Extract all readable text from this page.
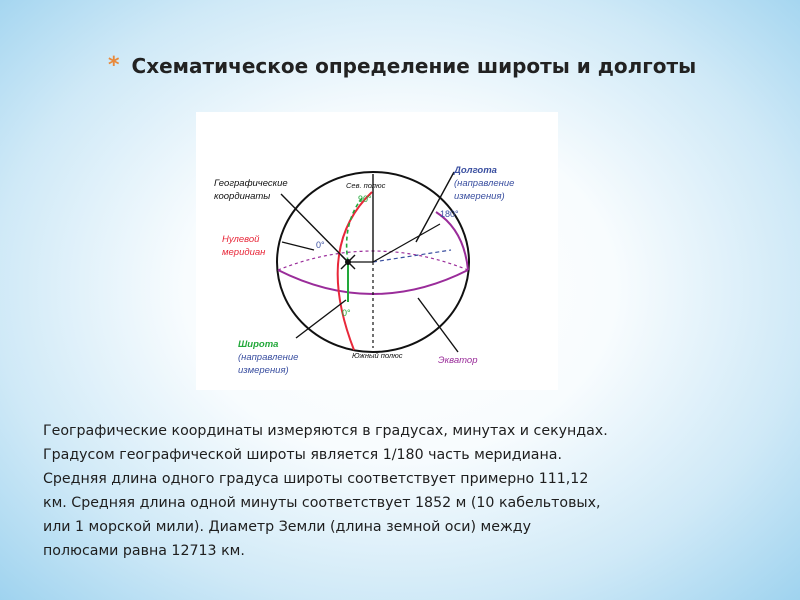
* Схематическое определение широты и долготы
Географические
координаты
Сев. полюс
Долгота
(направление
измерения)
Нулевой
меридиан
Широта
(направление
измерения)
Южный полюс	Экватор
90°
180°
0°
0°

Географические координаты измеряются в градусах, минутах и секундах.

Градусом географической широты является 1/180 часть меридиана.

Средняя длина одного градуса широты соответствует примерно 111,12

км. Средняя длина одной минуты соответствует 1852 м (10 кабельтовых,

или 1 морской мили). Диаметр Земли (длина земной оси) между

полюсами равна 12713 км.
